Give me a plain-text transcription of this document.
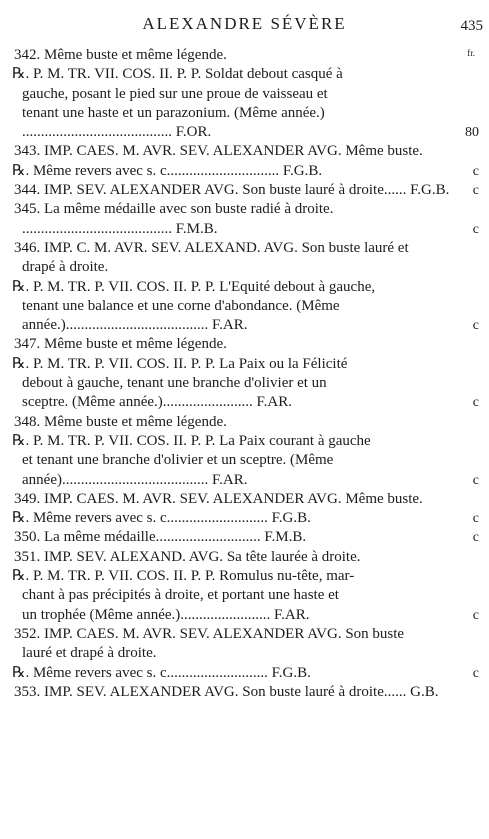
ALEXANDRE SÉVÈRE	435
fr.
342. Même buste et même légende.
℞. P. M. TR. VII. COS. II. P. P. Soldat debout casqué à
gauche, posant le pied sur une proue de vaisseau et
tenant une haste et un parazonium. (Même année.)
........................................ F.OR.	80
343. IMP. CAES. M. AVR. SEV. ALEXANDER AVG. Même buste.
℞. Même revers avec s. c.............................. F.G.B.	c
344. IMP. SEV. ALEXANDER AVG. Son buste lauré à droite...... F.G.B. c
345. La même médaille avec son buste radié à droite.
........................................ F.M.B.	c
346. IMP. C. M. AVR. SEV. ALEXAND. AVG. Son buste lauré et
drapé à droite.
℞. P. M. TR. P. VII. COS. II. P. P. L'Equité debout à gauche,
tenant une balance et une corne d'abondance. (Même
année.)...................................... F.AR.	c
347. Même buste et même légende.
℞. P. M. TR. P. VII. COS. II. P. P. La Paix ou la Félicité
debout à gauche, tenant une branche d'olivier et un
sceptre. (Même année.)........................ F.AR.	c
348. Même buste et même légende.
℞. P. M. TR. P. VII. COS. II. P. P. La Paix courant à gauche
et tenant une branche d'olivier et un sceptre. (Même
année)....................................... F.AR.	c
349. IMP. CAES. M. AVR. SEV. ALEXANDER AVG. Même buste.
℞. Même revers avec s. c........................... F.G.B.	c
350. La même médaille............................ F.M.B.	c
351. IMP. SEV. ALEXAND. AVG. Sa tête laurée à droite.
℞. P. M. TR. P. VII. COS. II. P. P. Romulus nu-tête, mar-
chant à pas précipités à droite, et portant une haste et
un trophée (Même année.)........................ F.AR.	c
352. IMP. CAES. M. AVR. SEV. ALEXANDER AVG. Son buste
lauré et drapé à droite.
℞. Même revers avec s. c........................... F.G.B.	c
353. IMP. SEV. ALEXANDER AVG. Son buste lauré à droite...... G.B.
